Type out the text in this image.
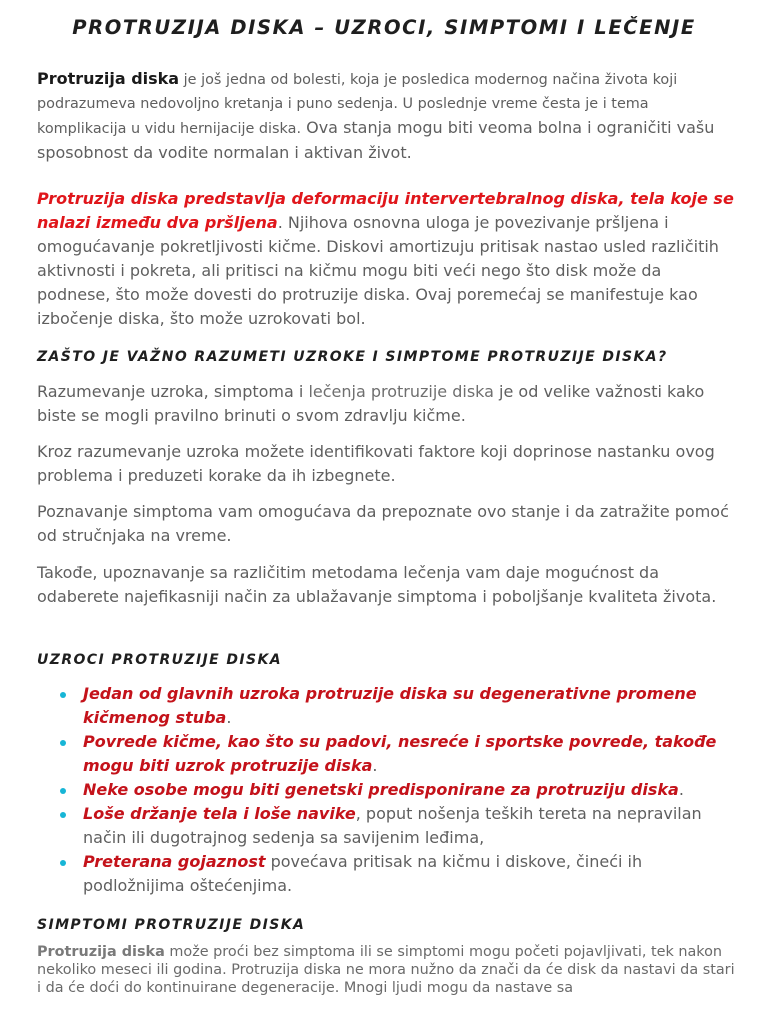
PROTRUZIJA DISKA – UZROCI, SIMPTOMI I LEČENJE

Protruzija diska je još jedna od bolesti, koja je posledica modernog načina života koji podrazumeva nedovoljno kretanja i puno sedenja. U poslednje vreme česta je i tema komplikacija u vidu hernijacije diska. Ova stanja mogu biti veoma bolna i ograničiti vašu sposobnost da vodite normalan i aktivan život.

Protruzija diska predstavlja deformaciju intervertebralnog diska, tela koje se nalazi između dva pršljena. Njihova osnovna uloga je povezivanje pršljena i omogućavanje pokretljivosti kičme. Diskovi amortizuju pritisak nastao usled različitih aktivnosti i pokreta, ali pritisci na kičmu mogu biti veći nego što disk može da podnese, što može dovesti do protruzije diska. Ovaj poremećaj se manifestuje kao izbočenje diska, što može uzrokovati bol.

ZAŠTO JE VAŽNO RAZUMETI UZROKE I SIMPTOME PROTRUZIJE DISKA?

Razumevanje uzroka, simptoma i lečenja protruzije diska je od velike važnosti kako biste se mogli pravilno brinuti o svom zdravlju kičme.

Kroz razumevanje uzroka možete identifikovati faktore koji doprinose nastanku ovog problema i preduzeti korake da ih izbegnete.

Poznavanje simptoma vam omogućava da prepoznate ovo stanje i da zatražite pomoć od stručnjaka na vreme.

Takođe, upoznavanje sa različitim metodama lečenja vam daje mogućnost da odaberete najefikasniji način za ublažavanje simptoma i poboljšanje kvaliteta života.

UZROCI PROTRUZIJE DISKA
Jedan od glavnih uzroka protruzije diska su degenerativne promene kičmenog stuba.
Povrede kičme, kao što su padovi, nesreće i sportske povrede, takođe mogu biti uzrok protruzije diska.
Neke osobe mogu biti genetski predisponirane za protruziju diska.
Loše držanje tela i loše navike, poput nošenja teških tereta na nepravilan način ili dugotrajnog sedenja sa savijenim leđima,
Preterana gojaznost povećava pritisak na kičmu i diskove, čineći ih podložnijima oštećenjima.
SIMPTOMI PROTRUZIJE DISKA

Protruzija diska može proći bez simptoma ili se simptomi mogu početi pojavljivati, tek nakon nekoliko meseci ili godina. Protruzija diska ne mora nužno da znači da će disk da nastavi da stari i da će doći do kontinuirane degeneracije. Mnogi ljudi mogu da nastave sa
